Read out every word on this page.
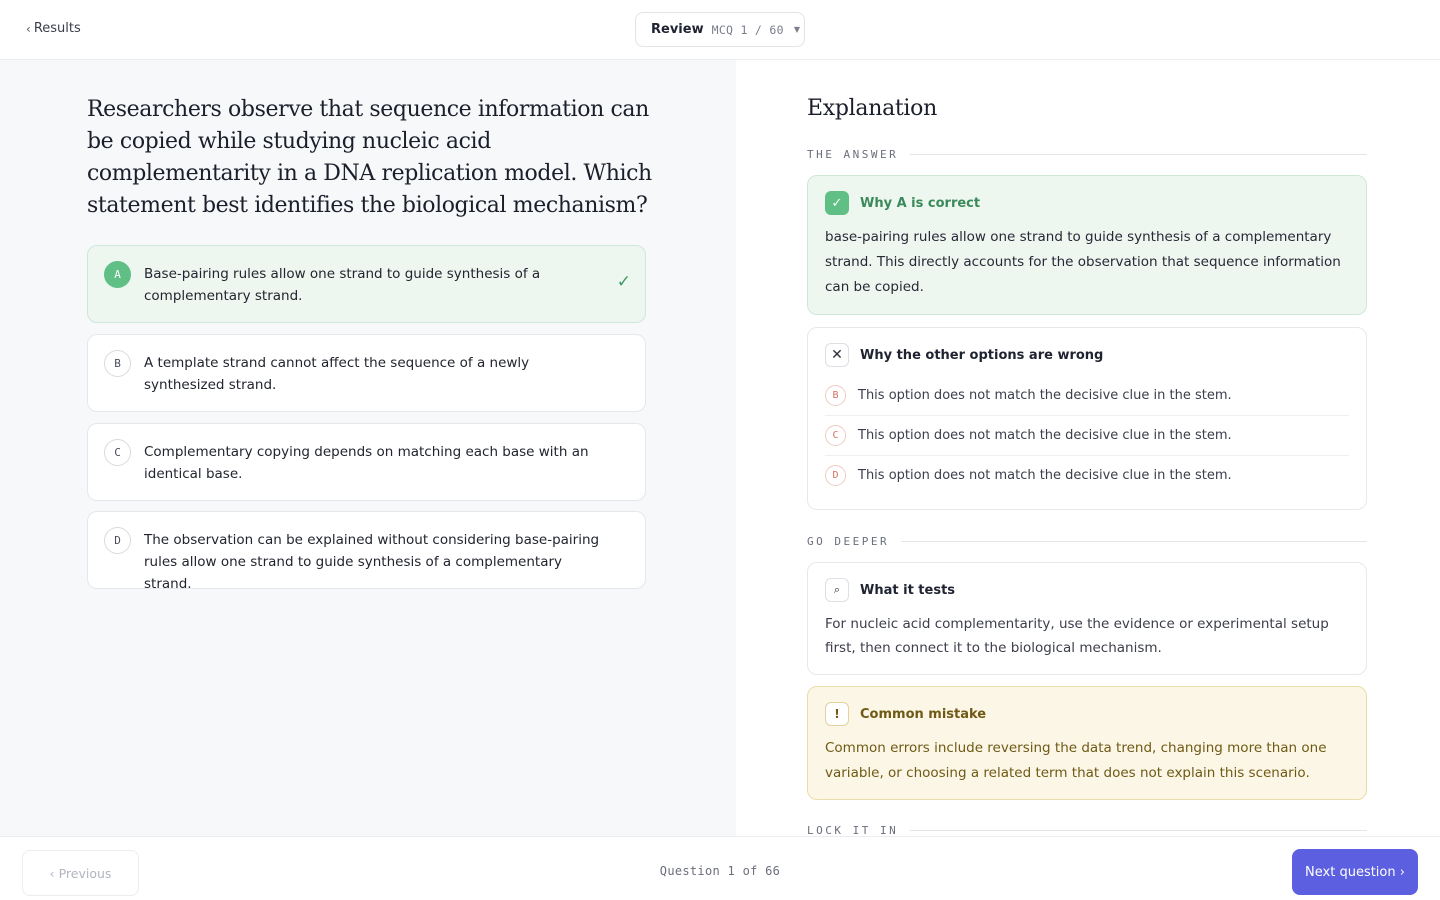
‹ Results	Review MCQ 1 / 60 ▼
Researchers observe that sequence information can be copied while studying nucleic acid complementarity in a DNA replication model. Which statement best identifies the biological mechanism?
A	Base-pairing rules allow one strand to guide synthesis of a complementary strand.
✓
B	A template strand cannot affect the sequence of a newly synthesized strand.
C	Complementary copying depends on matching each base with an identical base.
D	The observation can be explained without considering base-pairing rules allow one strand to guide synthesis of a complementary strand.
Explanation
THE ANSWER
✓	Why A is correct
base-pairing rules allow one strand to guide synthesis of a complementary strand. This directly accounts for the observation that sequence information can be copied.
✕	Why the other options are wrong
B	This option does not match the decisive clue in the stem.
C	This option does not match the decisive clue in the stem.
D	This option does not match the decisive clue in the stem.
GO DEEPER
⌕	What it tests
For nucleic acid complementarity, use the evidence or experimental setup first, then connect it to the biological mechanism.
!	Common mistake
Common errors include reversing the data trend, changing more than one variable, or choosing a related term that does not explain this scenario.
LOCK IT IN
‹ Previous	Question 1 of 66	Next question ›
